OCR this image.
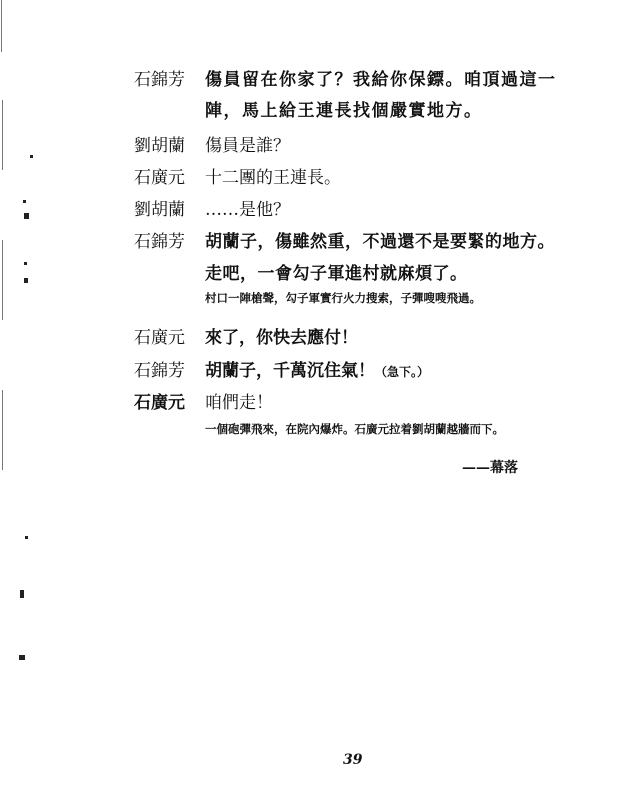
石錦芳 傷員留在你家了？我給你保鏢。咱頂過這一
陣，馬上給王連長找個嚴實地方。
劉胡蘭 傷員是誰？
石廣元 十二團的王連長。
劉胡蘭 ……是他？
石錦芳 胡蘭子，傷雖然重，不過還不是要緊的地方。
走吧，一會勾子軍進村就麻煩了。
村口一陣槍聲，勾子軍實行火力搜索，子彈嗖嗖飛過。
石廣元 來了，你快去應付！
石錦芳 胡蘭子，千萬沉住氣！（急下。）
石廣元 咱們走！
一個砲彈飛來，在院內爆炸。石廣元拉着劉胡蘭越牆而下。
——幕落
39
